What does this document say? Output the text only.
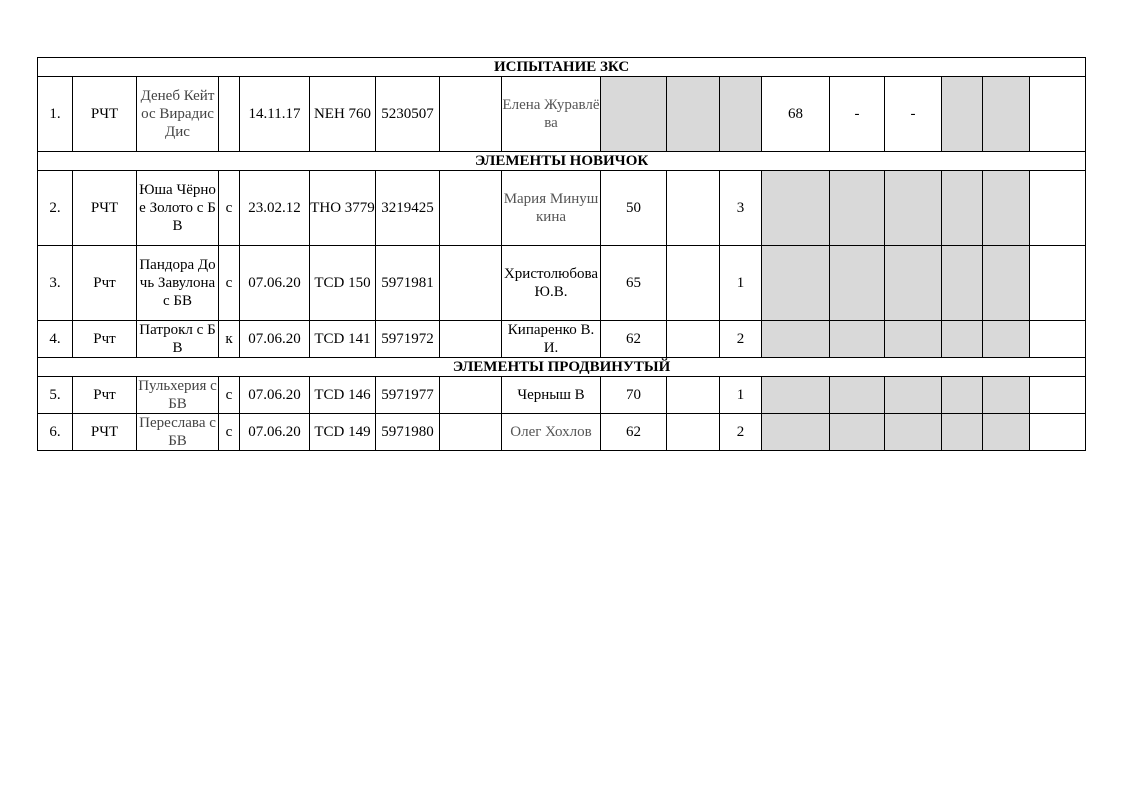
ИСПЫТАНИЕ ЗКС																	
1.	РЧТ	Денеб Кейтос Вирадис Дис		14.11.17	NEH 760	5230507		Елена Журавлёва				68	-	-			
ЭЛЕМЕНТЫ НОВИЧОК																	
2.	РЧТ	Юша Чёрное Золото с БВ	с	23.02.12	THO 3779	3219425		Мария Минушкина	50		3						
3.	Рчт	Пандора Дочь Завулона с БВ	с	07.06.20	TCD 150	5971981		Христолюбова Ю.В.	65		1						
4.	Рчт	Патрокл с БВ	к	07.06.20	TCD 141	5971972		Кипаренко В.И.	62		2						
ЭЛЕМЕНТЫ ПРОДВИНУТЫЙ																	
5.	Рчт	Пульхерия с БВ	с	07.06.20	TCD 146	5971977		Черныш В	70		1						
6.	РЧТ	Переслава с БВ	с	07.06.20	TCD 149	5971980		Олег Хохлов	62		2						
